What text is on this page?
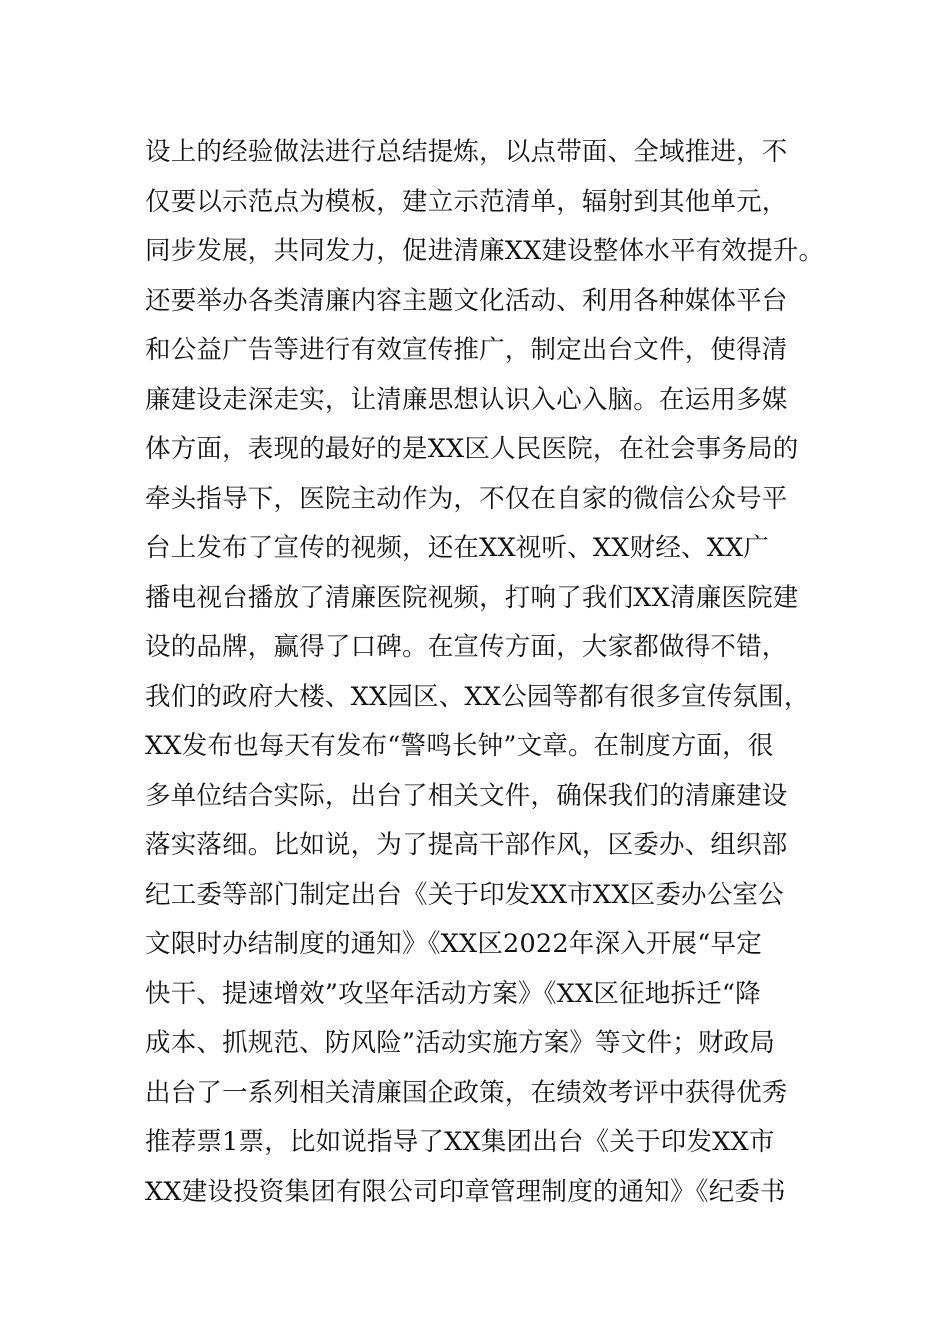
设上的经验做法进行总结提炼，以点带面、全域推进，不
仅要以示范点为模板，建立示范清单，辐射到其他单元，
同步发展，共同发力，促进清廉XX建设整体水平有效提升。
还要举办各类清廉内容主题文化活动、利用各种媒体平台
和公益广告等进行有效宣传推广，制定出台文件，使得清
廉建设走深走实，让清廉思想认识入心入脑。在运用多媒
体方面，表现的最好的是XX区人民医院，在社会事务局的
牵头指导下，医院主动作为，不仅在自家的微信公众号平
台上发布了宣传的视频，还在XX视听、XX财经、XX广
播电视台播放了清廉医院视频，打响了我们XX清廉医院建
设的品牌，赢得了口碑。在宣传方面，大家都做得不错，
我们的政府大楼、XX园区、XX公园等都有很多宣传氛围，
XX发布也每天有发布“警鸣长钟”文章。在制度方面，很
多单位结合实际，出台了相关文件，确保我们的清廉建设
落实落细。比如说，为了提高干部作风，区委办、组织部
纪工委等部门制定出台《关于印发XX市XX区委办公室公
文限时办结制度的通知》《XX区2022年深入开展“早定
快干、提速增效”攻坚年活动方案》《XX区征地拆迁“降
成本、抓规范、防风险”活动实施方案》等文件；财政局
出台了一系列相关清廉国企政策，在绩效考评中获得优秀
推荐票1票，比如说指导了XX集团出台《关于印发XX市
XX建设投资集团有限公司印章管理制度的通知》《纪委书
